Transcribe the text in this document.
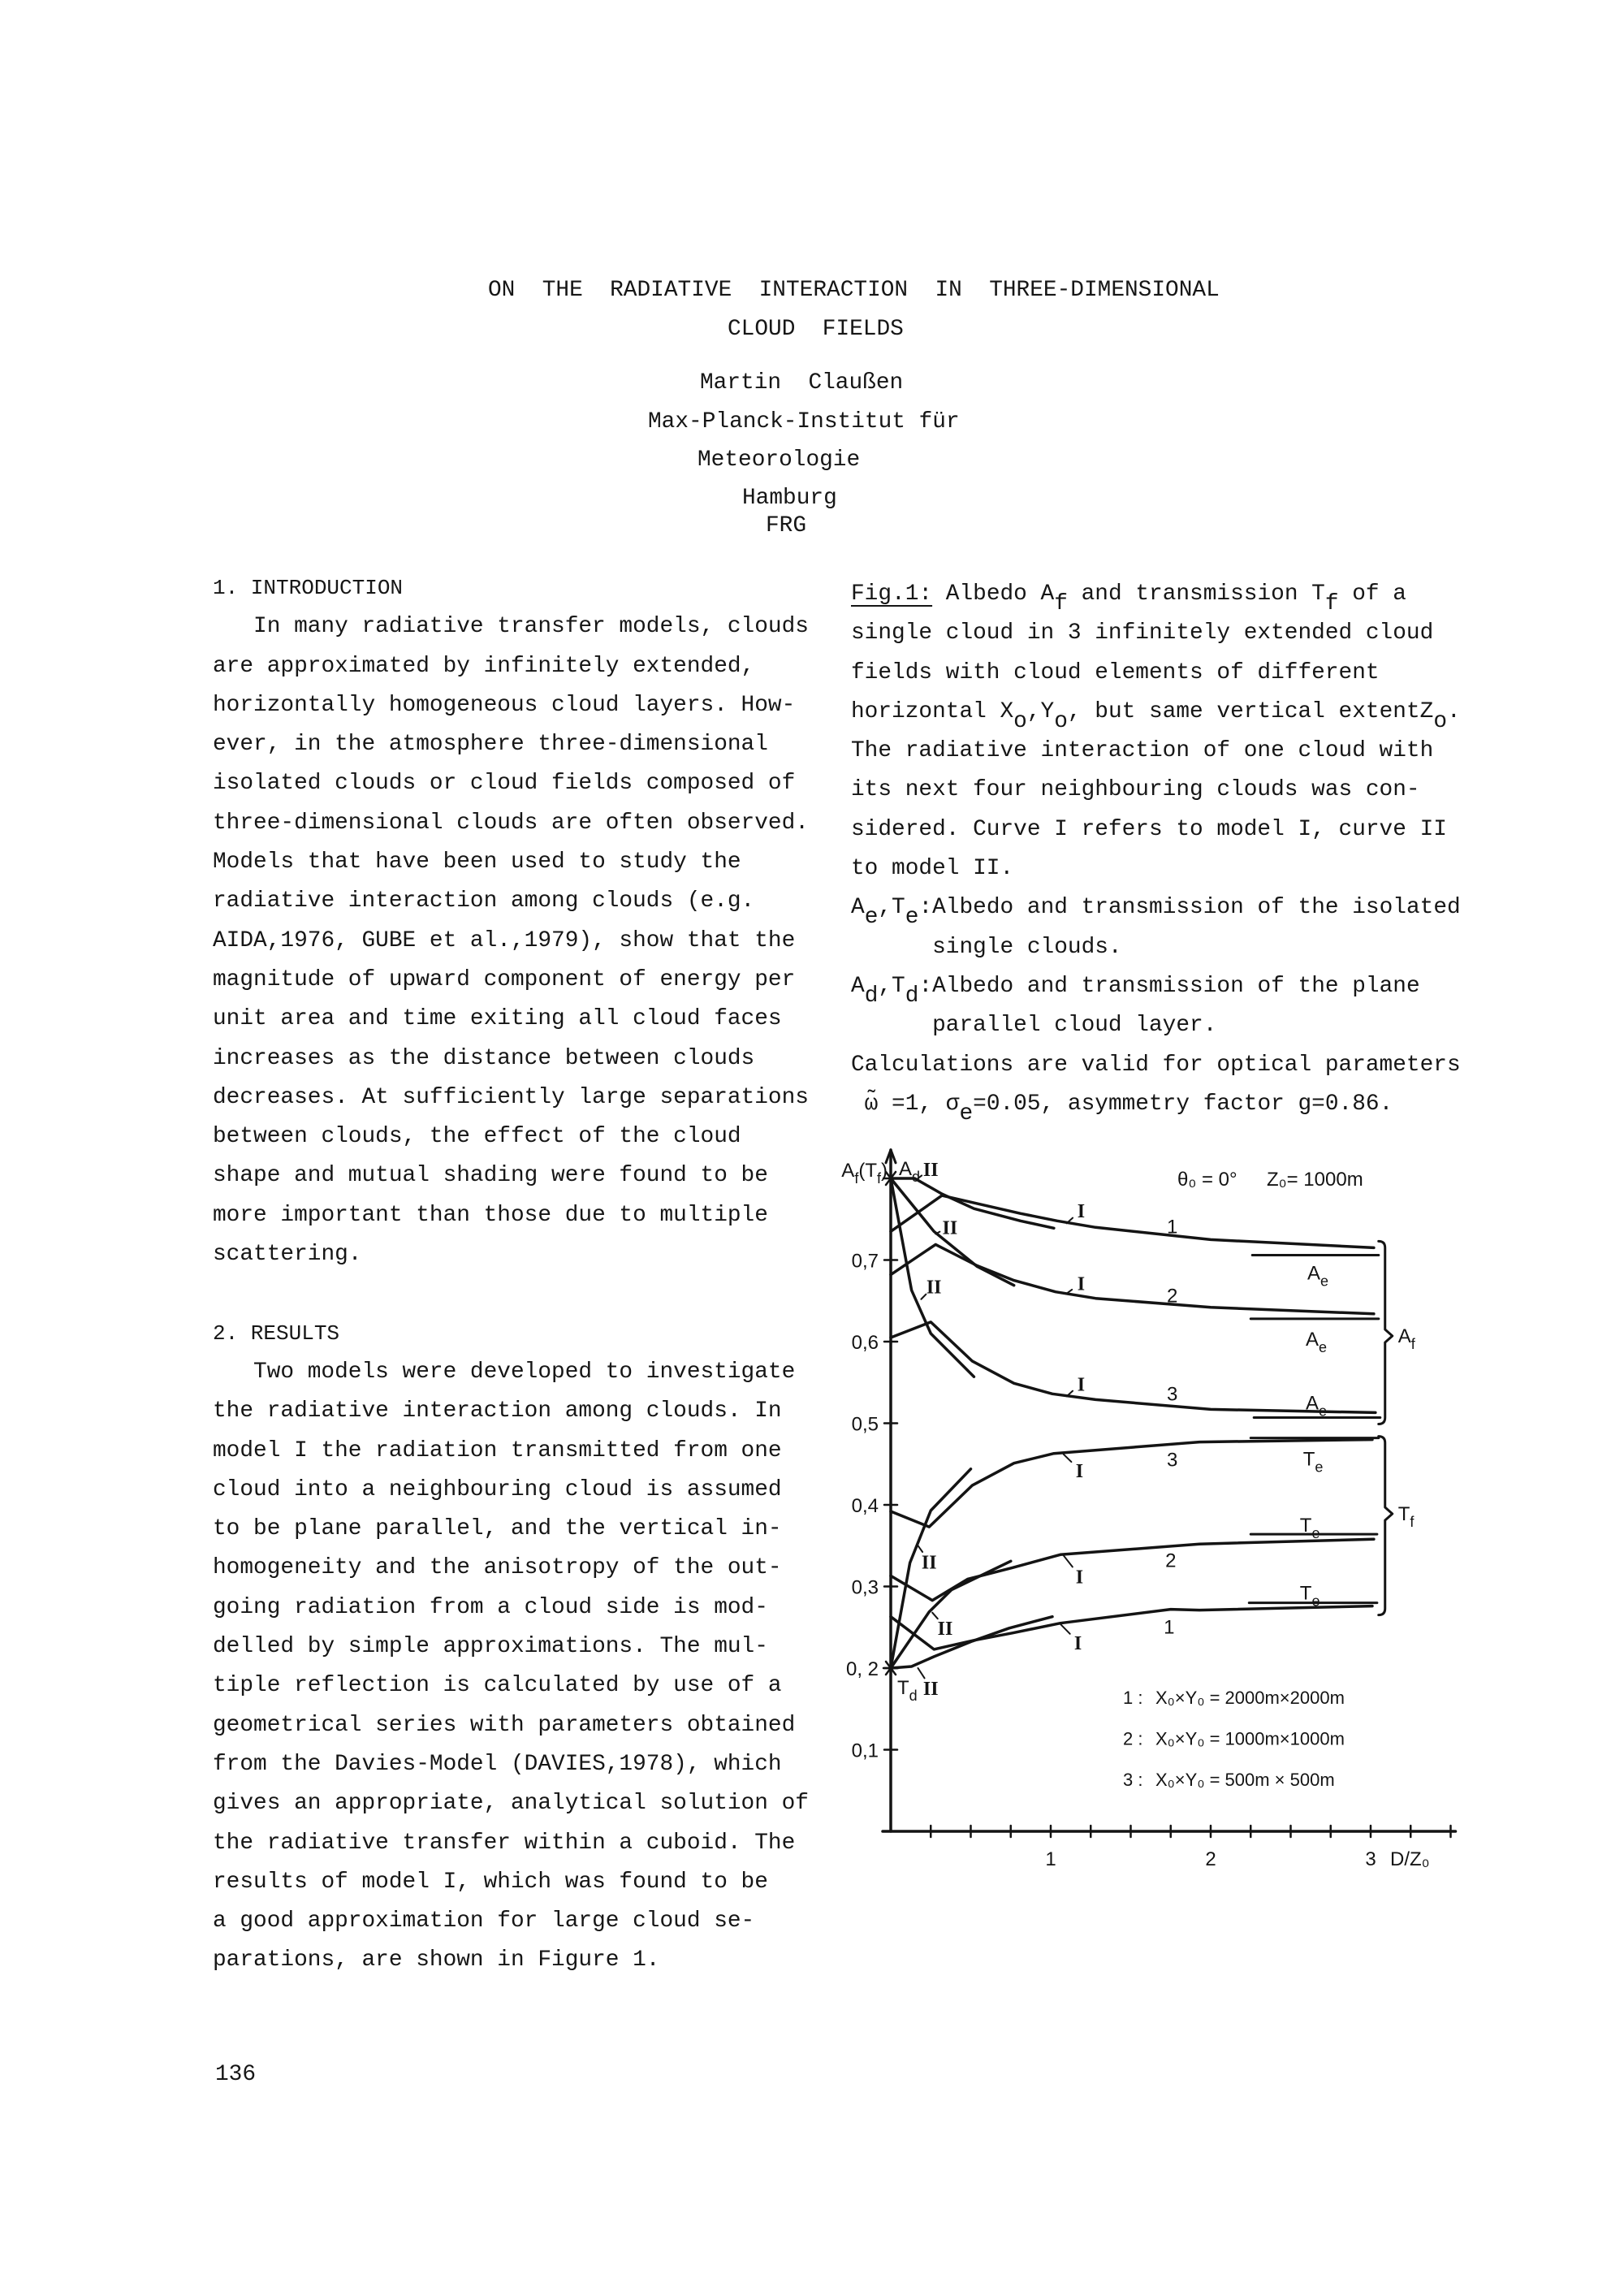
ON  THE  RADIATIVE  INTERACTION  IN  THREE-DIMENSIONAL
CLOUD  FIELDS
Martin  Claußen
Max-Planck-Institut für
Meteorologie
Hamburg
FRG
1. INTRODUCTION
In many radiative transfer models, clouds
are approximated by infinitely extended,
horizontally homogeneous cloud layers. How-
ever, in the atmosphere three-dimensional
isolated clouds or cloud fields composed of
three-dimensional clouds are often observed.
Models that have been used to study the
radiative interaction among clouds (e.g.
AIDA,1976, GUBE et al.,1979), show that the
magnitude of upward component of energy per
unit area and time exiting all cloud faces
increases as the distance between clouds
decreases. At sufficiently large separations
between clouds, the effect of the cloud
shape and mutual shading were found to be
more important than those due to multiple
scattering.
2. RESULTS
Two models were developed to investigate
the radiative interaction among clouds. In
model I the radiation transmitted from one
cloud into a neighbouring cloud is assumed
to be plane parallel, and the vertical in-
homogeneity and the anisotropy of the out-
going radiation from a cloud side is mod-
delled by simple approximations. The mul-
tiple reflection is calculated by use of a
geometrical series with parameters obtained
from the Davies-Model (DAVIES,1978), which
gives an appropriate, analytical solution of
the radiative transfer within a cuboid. The
results of model I, which was found to be
a good approximation for large cloud se-
parations, are shown in Figure 1.
Fig.1: Albedo Af and transmission Tf of a
single cloud in 3 infinitely extended cloud
fields with cloud elements of different
horizontal Xo,Yo, but same vertical extentZo.
The radiative interaction of one cloud with
its next four neighbouring clouds was con-
sidered. Curve I refers to model I, curve II
to model II.
Ae,Te:Albedo and transmission of the isolated
single clouds.
Ad,Td:Albedo and transmission of the plane
parallel cloud layer.
Calculations are valid for optical parameters
ω̃ =1, σe=0.05, asymmetry factor g=0.86.
1	2	3
0,1
0, 2
0,3
0,4
0,5
0,6
0,7
D/Z₀
$A_f(T_f)$	θ₀ = 0° Z₀= 1000m
$A_d$
$T_d$
$A_e$
$A_e$
$A_e$
$T_e$
$T_e$
$T_e$
1
2
3
3
2
1
II
I
II
I
II
I
I
II
I
II
I
II
$A_f$
$T_f$
1 : X₀×Y₀ = 2000m×2000m
2 : X₀×Y₀ = 1000m×1000m
3 : X₀×Y₀ = 500m × 500m
136
